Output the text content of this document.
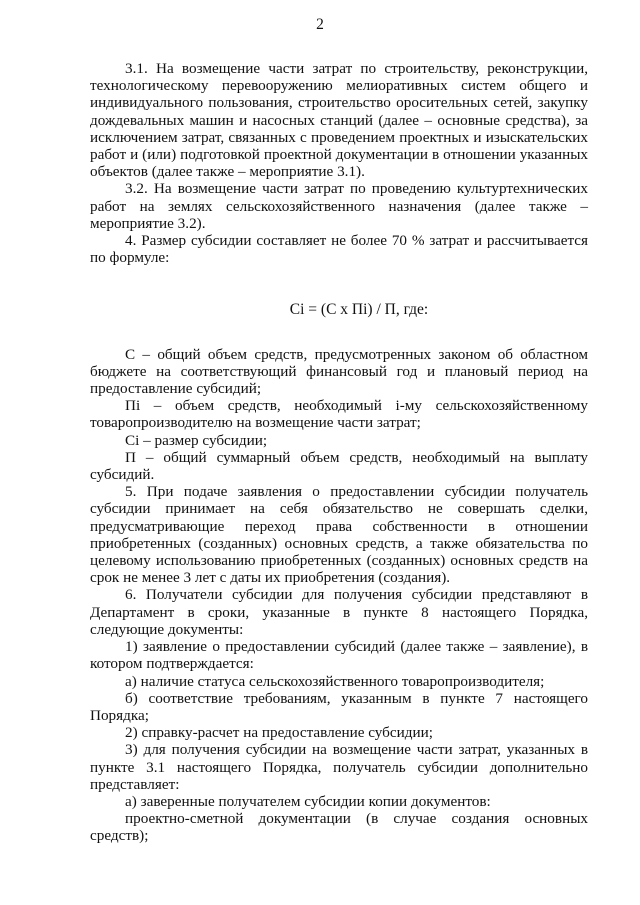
2

3.1. На возмещение части затрат по строительству, реконструкции, технологическому перевооружению мелиоративных систем общего и индивидуального пользования, строительство оросительных сетей, закупку дождевальных машин и насосных станций (далее – основные средства), за исключением затрат, связанных с проведением проектных и изыскательских работ и (или) подготовкой проектной документации в отношении указанных объектов (далее также – мероприятие 3.1).

3.2. На возмещение части затрат по проведению культуртехнических работ на землях сельскохозяйственного назначения (далее также – мероприятие 3.2).

4. Размер субсидии составляет не более 70 % затрат и рассчитывается по формуле:

Ci = (C x Пi) / П, где:

С – общий объем средств, предусмотренных законом об областном бюджете на соответствующий финансовый год и плановый период на предоставление субсидий;

Пi – объем средств, необходимый i-му сельскохозяйственному товаропроизводителю на возмещение части затрат;

Ci – размер субсидии;

П – общий суммарный объем средств, необходимый на выплату субсидий.

5. При подаче заявления о предоставлении субсидии получатель субсидии принимает на себя обязательство не совершать сделки, предусматривающие переход права собственности в отношении приобретенных (созданных) основных средств, а также обязательства по целевому использованию приобретенных (созданных) основных средств на срок не менее 3 лет с даты их приобретения (создания).

6. Получатели субсидии для получения субсидии представляют в Департамент в сроки, указанные в пункте 8 настоящего Порядка, следующие документы:

1) заявление о предоставлении субсидий (далее также – заявление), в котором подтверждается:

а) наличие статуса сельскохозяйственного товаропроизводителя;

б) соответствие требованиям, указанным в пункте 7 настоящего Порядка;

2) справку-расчет на предоставление субсидии;

3) для получения субсидии на возмещение части затрат, указанных в пункте 3.1 настоящего Порядка, получатель субсидии дополнительно представляет:

а) заверенные получателем субсидии копии документов:

проектно-сметной документации (в случае создания основных средств);
